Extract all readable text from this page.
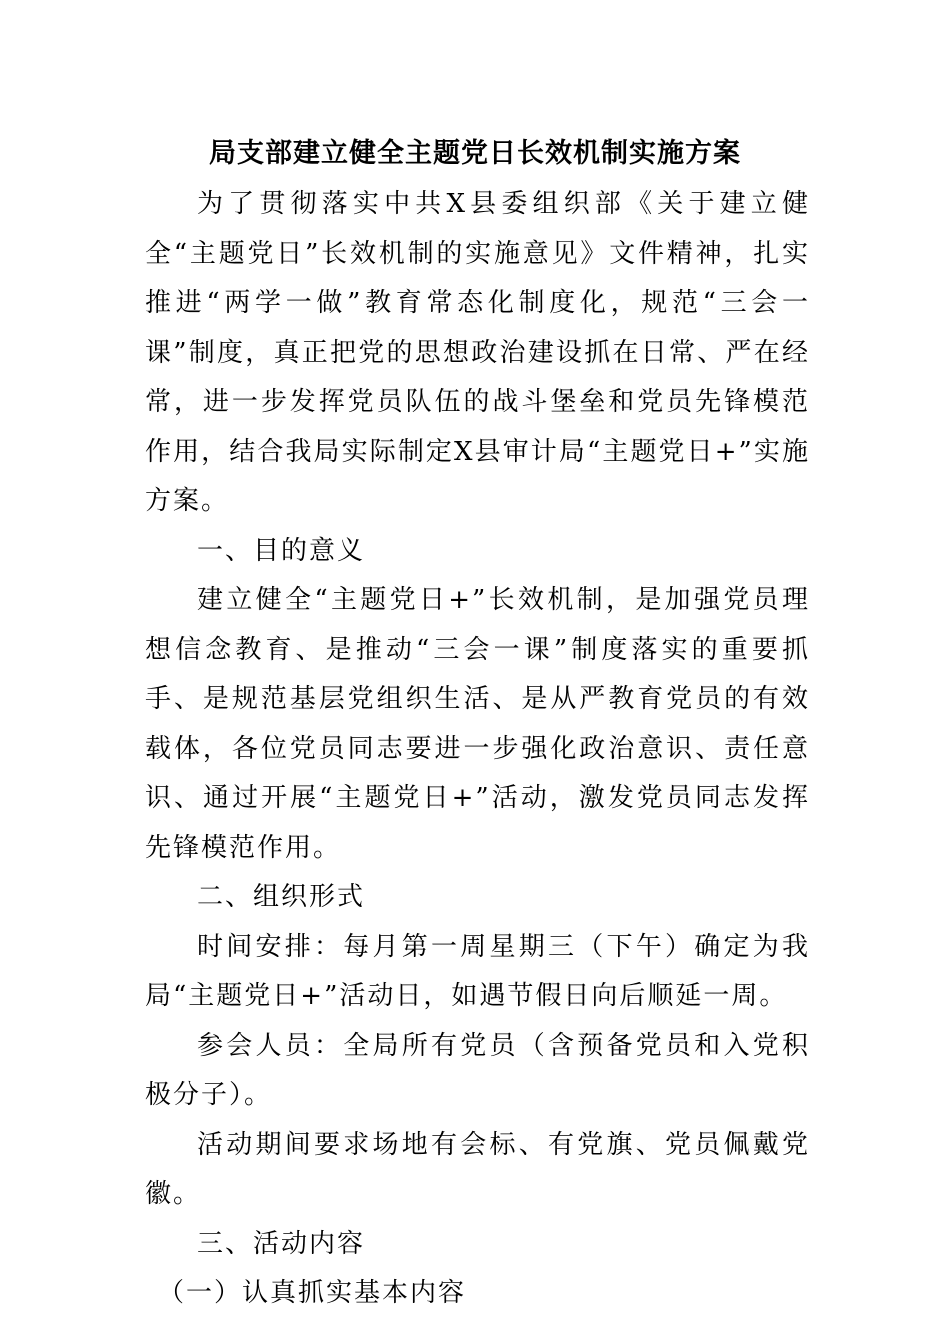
局支部建立健全主题党日长效机制实施方案

为了贯彻落实中共X县委组织部《关于建立健全“主题党日”长效机制的实施意见》文件精神，扎实推进“两学一做”教育常态化制度化，规范“三会一课”制度，真正把党的思想政治建设抓在日常、严在经常，进一步发挥党员队伍的战斗堡垒和党员先锋模范作用，结合我局实际制定X县审计局“主题党日+”实施方案。

一、目的意义

建立健全“主题党日+”长效机制，是加强党员理想信念教育、是推动“三会一课”制度落实的重要抓手、是规范基层党组织生活、是从严教育党员的有效载体，各位党员同志要进一步强化政治意识、责任意识、通过开展“主题党日+”活动，激发党员同志发挥先锋模范作用。

二、组织形式

时间安排：每月第一周星期三（下午）确定为我局“主题党日+”活动日，如遇节假日向后顺延一周。

参会人员：全局所有党员（含预备党员和入党积极分子）。

活动期间要求场地有会标、有党旗、党员佩戴党徽。

三、活动内容

（一）认真抓实基本内容
